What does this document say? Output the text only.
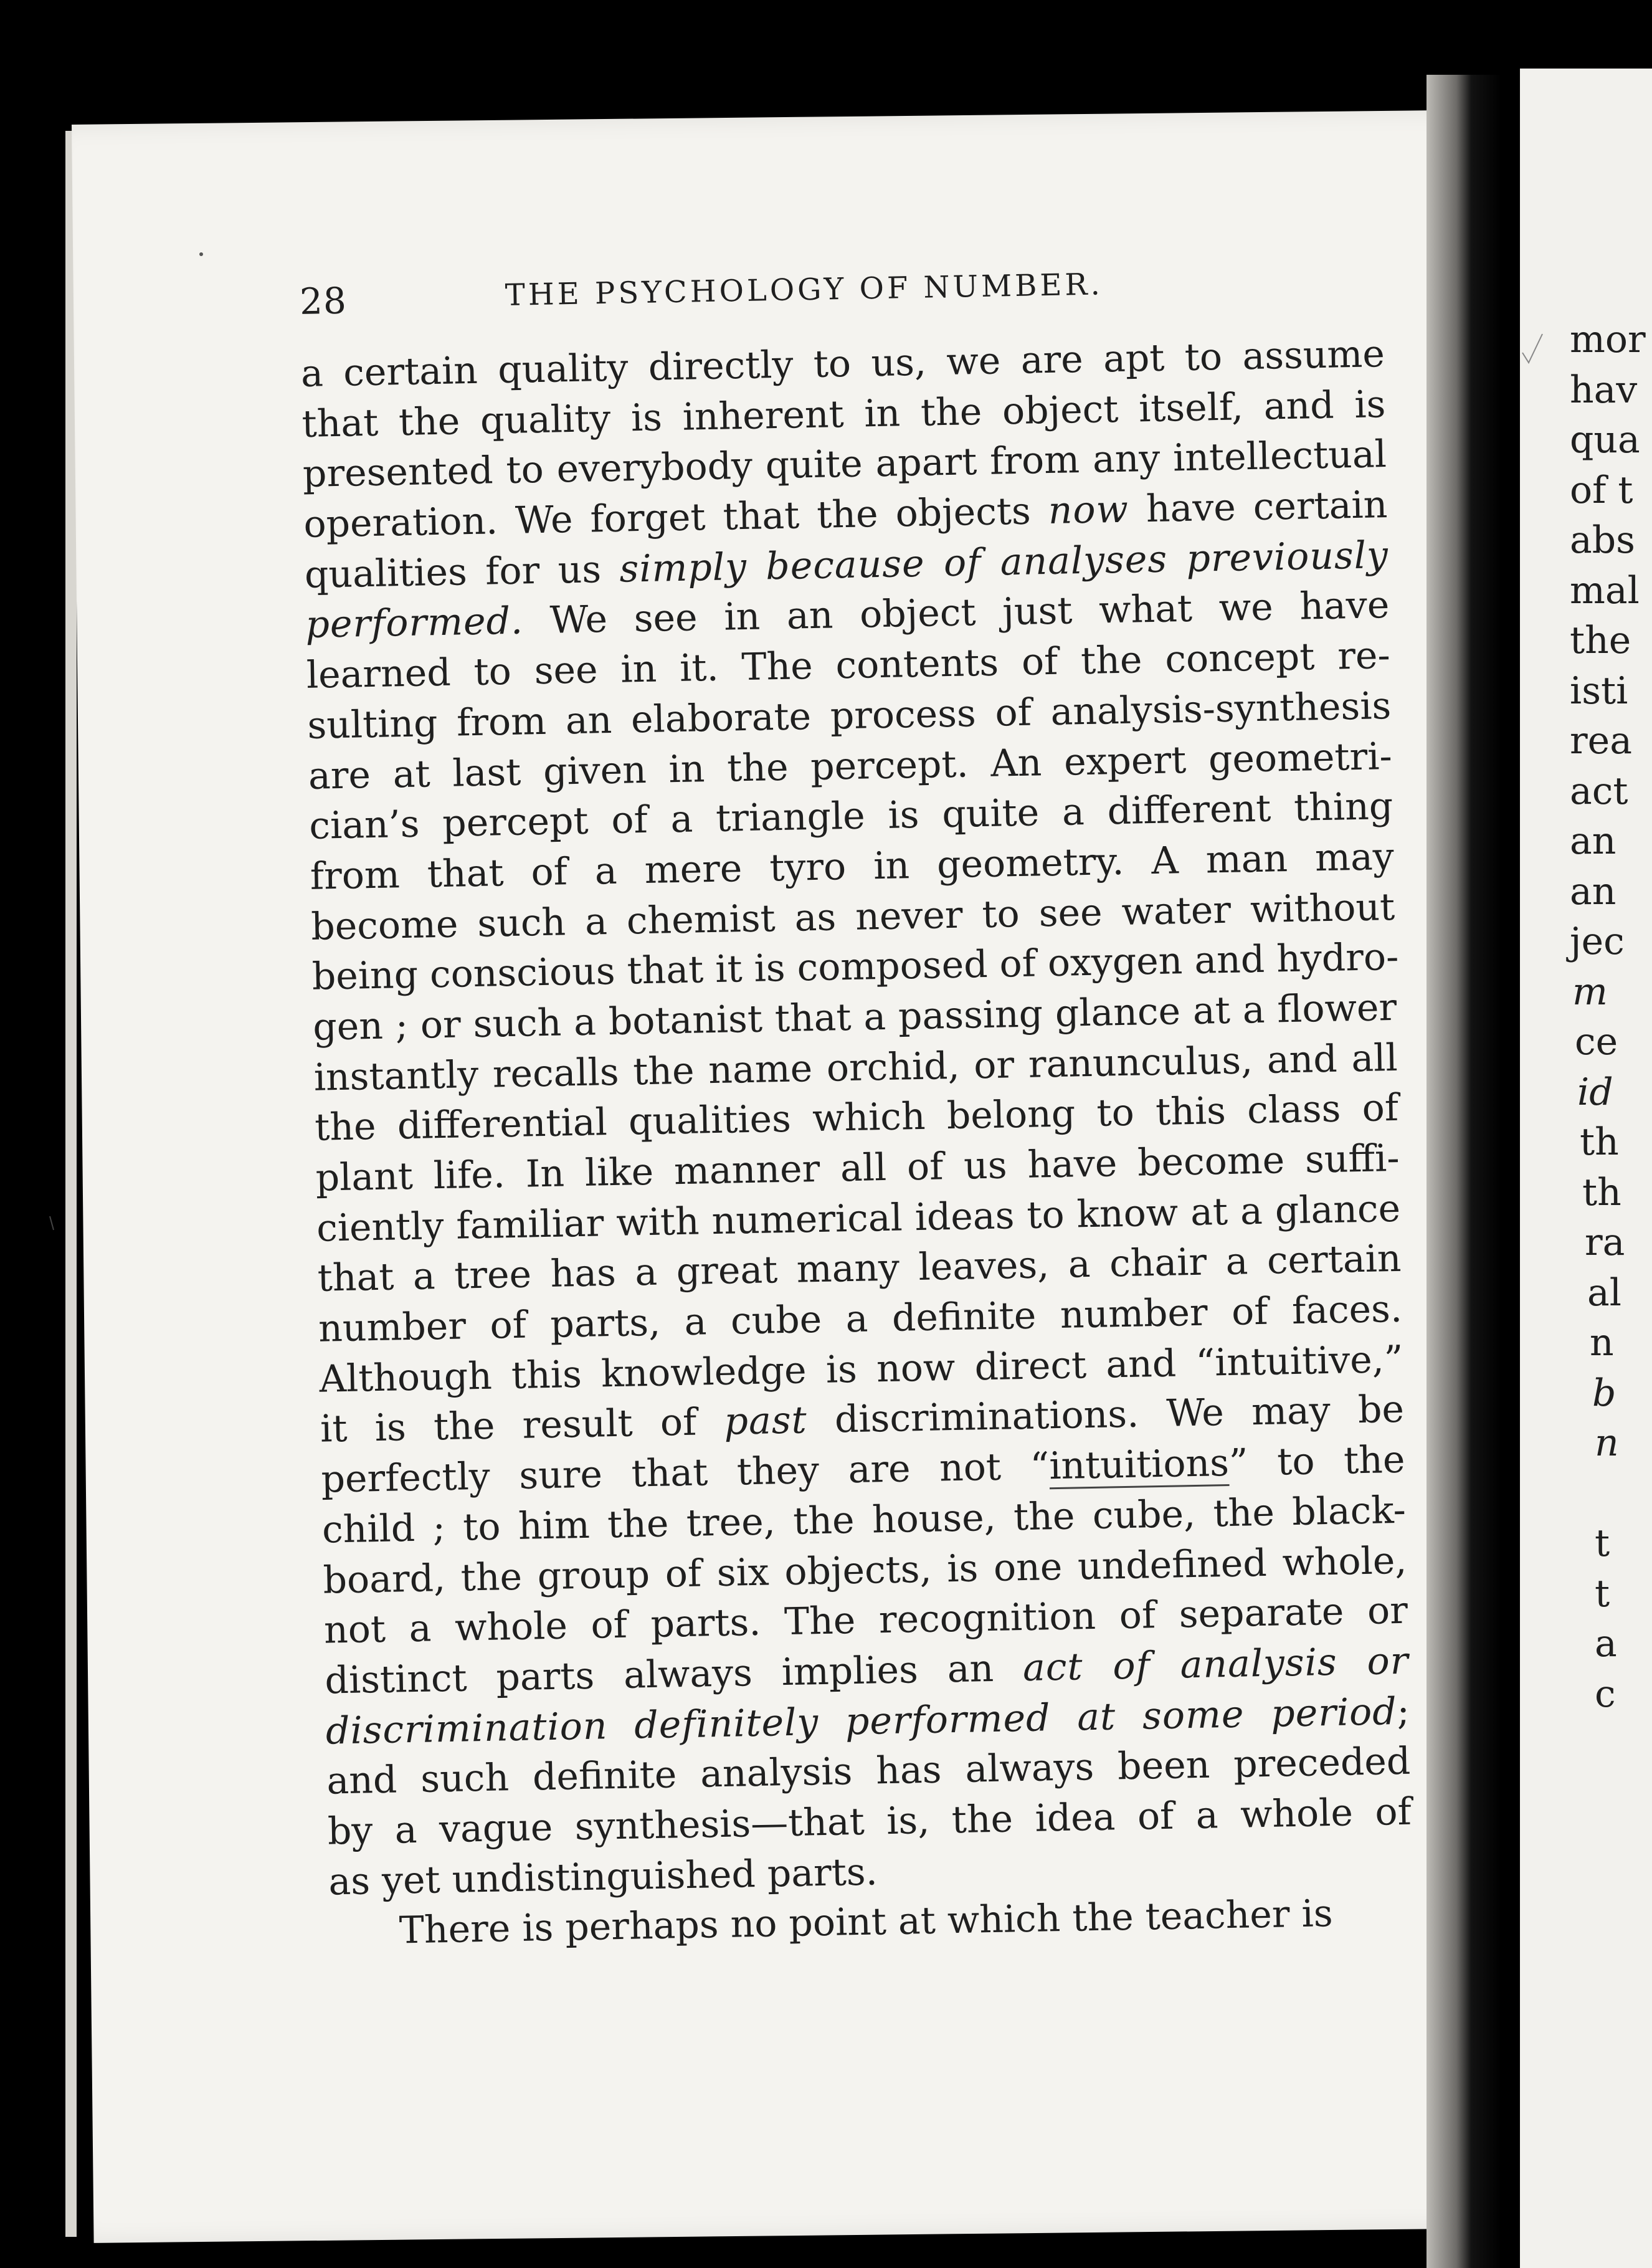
28	THE PSYCHOLOGY OF NUMBER.
a certain quality directly to us, we are apt to assume
that the quality is inherent in the object itself, and is
presented to everybody quite apart from any intellectual
operation. We forget that the objects now have certain
qualities for us simply because of analyses previously
performed. We see in an object just what we have
learned to see in it. The contents of the concept re-
sulting from an elaborate process of analysis-synthesis
are at last given in the percept. An expert geometri-
cian’s percept of a triangle is quite a different thing
from that of a mere tyro in geometry. A man may
become such a chemist as never to see water without
being conscious that it is composed of oxygen and hydro-
gen ; or such a botanist that a passing glance at a flower
instantly recalls the name orchid, or ranunculus, and all
the differential qualities which belong to this class of
plant life. In like manner all of us have become suffi-
ciently familiar with numerical ideas to know at a glance
that a tree has a great many leaves, a chair a certain
number of parts, a cube a definite number of faces.
Although this knowledge is now direct and “intuitive,”
it is the result of past discriminations. We may be
perfectly sure that they are not “intuitions” to the
child ; to him the tree, the house, the cube, the black-
board, the group of six objects, is one undefined whole,
not a whole of parts. The recognition of separate or
distinct parts always implies an act of analysis or
discrimination definitely performed at some period;
and such definite analysis has always been preceded
by a vague synthesis—that is, the idea of a whole of
as yet undistinguished parts.
There is perhaps no point at which the teacher is
mor
hav
qua
of t
abs
mal
the
isti
rea
act
an
an
jec
m
ce
id
th
th
ra
al
n
b
n
t
t
a
c
